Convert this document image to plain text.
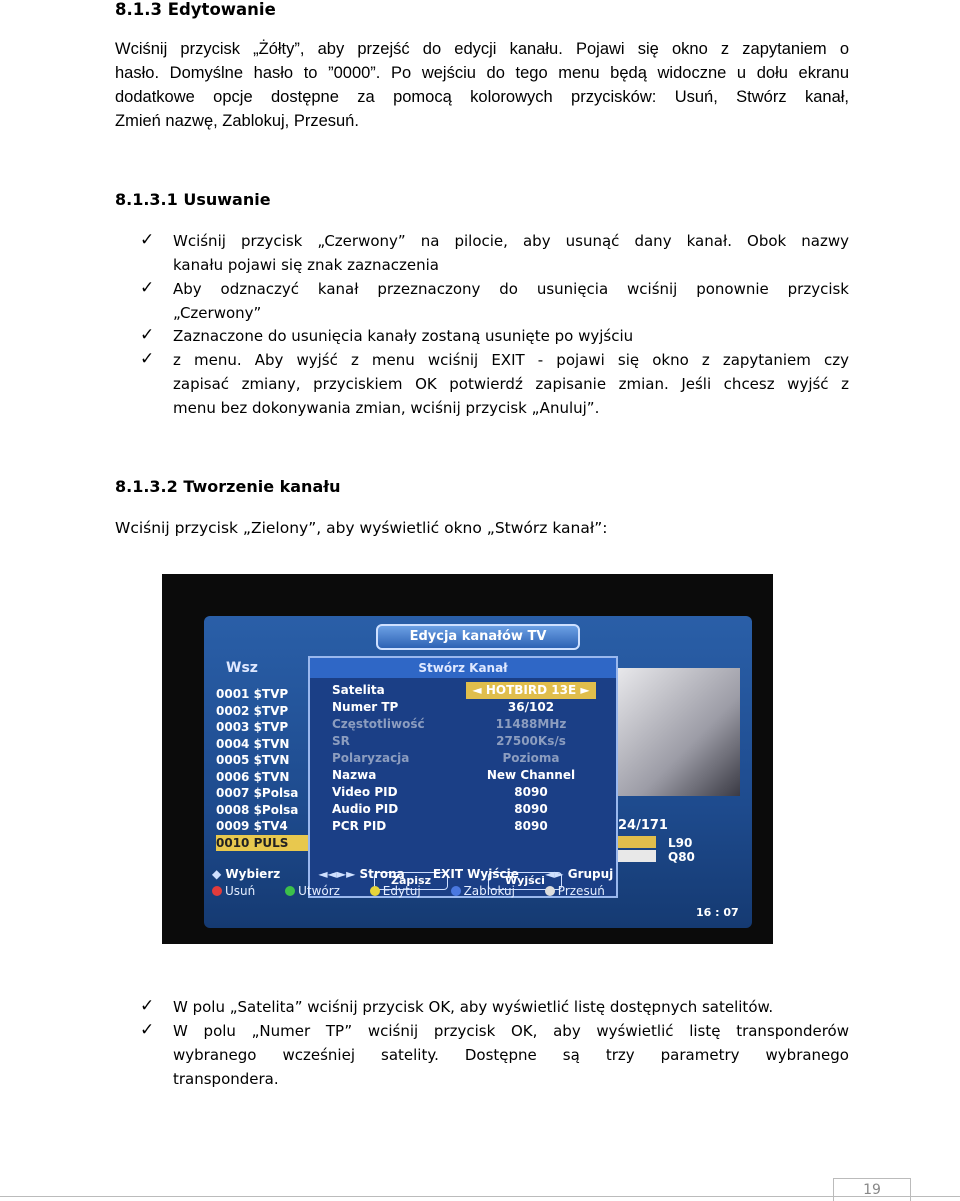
8.1.3 Edytowanie
Wciśnij przycisk „Żółty”, aby przejść do edycji kanału. Pojawi się okno z zapytaniem o
hasło. Domyślne hasło to ”0000”. Po wejściu do tego menu będą widoczne u dołu ekranu
dodatkowe opcje dostępne za pomocą kolorowych przycisków: Usuń, Stwórz kanał,
Zmień nazwę, Zablokuj, Przesuń.
8.1.3.1 Usuwanie
✓ Wciśnij przycisk „Czerwony” na pilocie, aby usunąć dany kanał. Obok nazwy
kanału pojawi się znak zaznaczenia
✓ Aby odznaczyć kanał przeznaczony do usunięcia wciśnij ponownie przycisk
„Czerwony”
✓ Zaznaczone do usunięcia kanały zostaną usunięte po wyjściu
✓ z menu. Aby wyjść z menu wciśnij EXIT - pojawi się okno z zapytaniem czy
zapisać zmiany, przyciskiem OK potwierdź zapisanie zmian. Jeśli chcesz wyjść z
menu bez dokonywania zmian, wciśnij przycisk „Anuluj”.
8.1.3.2 Tworzenie kanału
Wciśnij przycisk „Zielony”, aby wyświetlić okno „Stwórz kanał”:
Edycja kanałów TV
Wsz
0001 $TVP
0002 $TVP
0003 $TVP
0004 $TVN
0005 $TVN
0006 $TVN
0007 $Polsa
0008 $Polsa
0009 $TV4
0010 PULS
24/171
L90
Q80
Stwórz Kanał
Satelita	◄ HOTBIRD 13E ►
Numer TP	36/102
Częstotliwość	11488MHz
SR	27500Ks/s
Polaryzacja	Pozioma
Nazwa	New Channel
Video PID	8090
Audio PID	8090
PCR PID	8090
Zapisz	Wyjści
◆ Wybierz	◄◄►► Strona EXIT Wyjście ◄► Grupuj
Usuń	Utwórz	Edytuj	Zablokuj	Przesuń
16 : 07
✓ W polu „Satelita” wciśnij przycisk OK, aby wyświetlić listę dostępnych satelitów.
✓ W polu „Numer TP” wciśnij przycisk OK, aby wyświetlić listę transponderów
wybranego wcześniej satelity. Dostępne są trzy parametry wybranego
transpondera.
19
